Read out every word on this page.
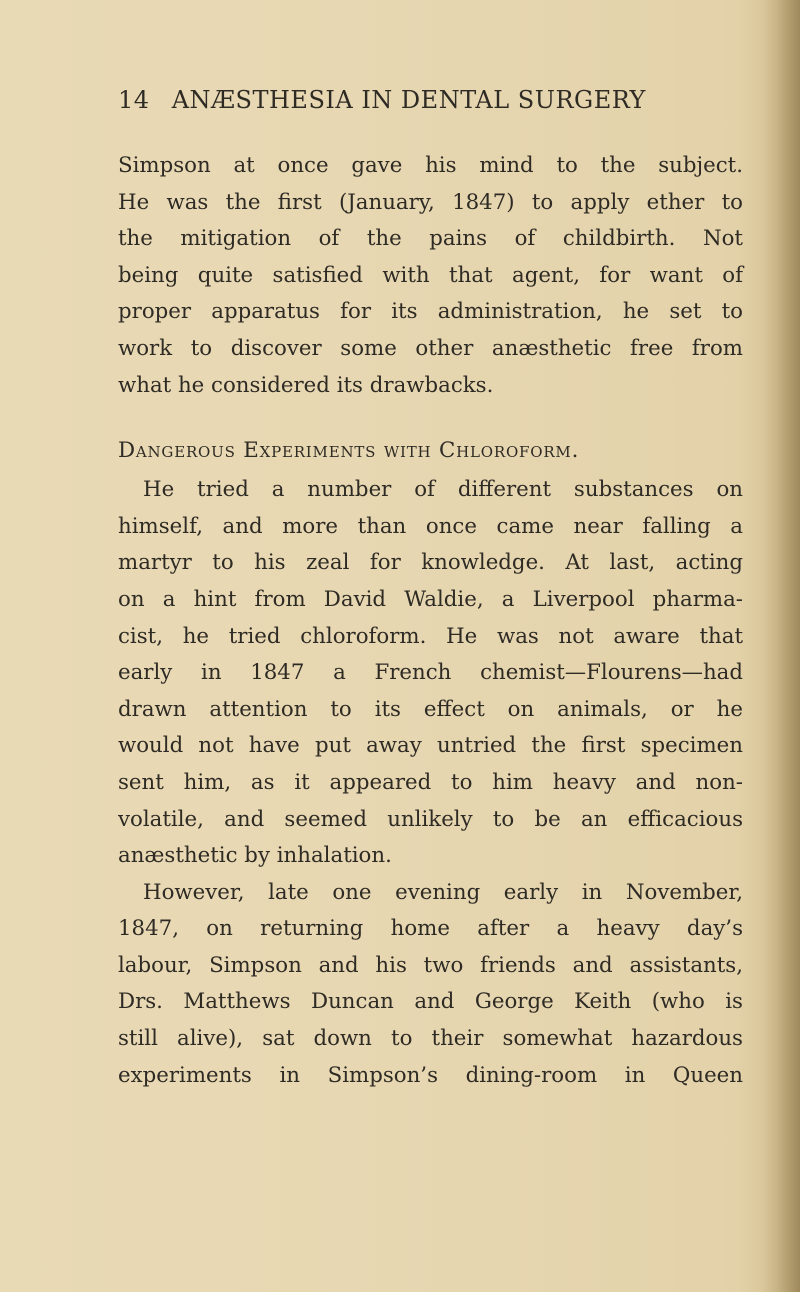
14 ANÆSTHESIA IN DENTAL SURGERY
Simpson at once gave his mind to the subject.
He was the first (January, 1847) to apply ether to
the mitigation of the pains of childbirth. Not
being quite satisfied with that agent, for want of
proper apparatus for its administration, he set to
work to discover some other anæsthetic free from
what he considered its drawbacks.
Dangerous Experiments with Chloroform.
He tried a number of different substances on
himself, and more than once came near falling a
martyr to his zeal for knowledge. At last, acting
on a hint from David Waldie, a Liverpool pharma-
cist, he tried chloroform. He was not aware that
early in 1847 a French chemist—Flourens—had
drawn attention to its effect on animals, or he
would not have put away untried the first specimen
sent him, as it appeared to him heavy and non-
volatile, and seemed unlikely to be an efficacious
anæsthetic by inhalation.
However, late one evening early in November,
1847, on returning home after a heavy day’s
labour, Simpson and his two friends and assistants,
Drs. Matthews Duncan and George Keith (who is
still alive), sat down to their somewhat hazardous
experiments in Simpson’s dining-room in Queen
